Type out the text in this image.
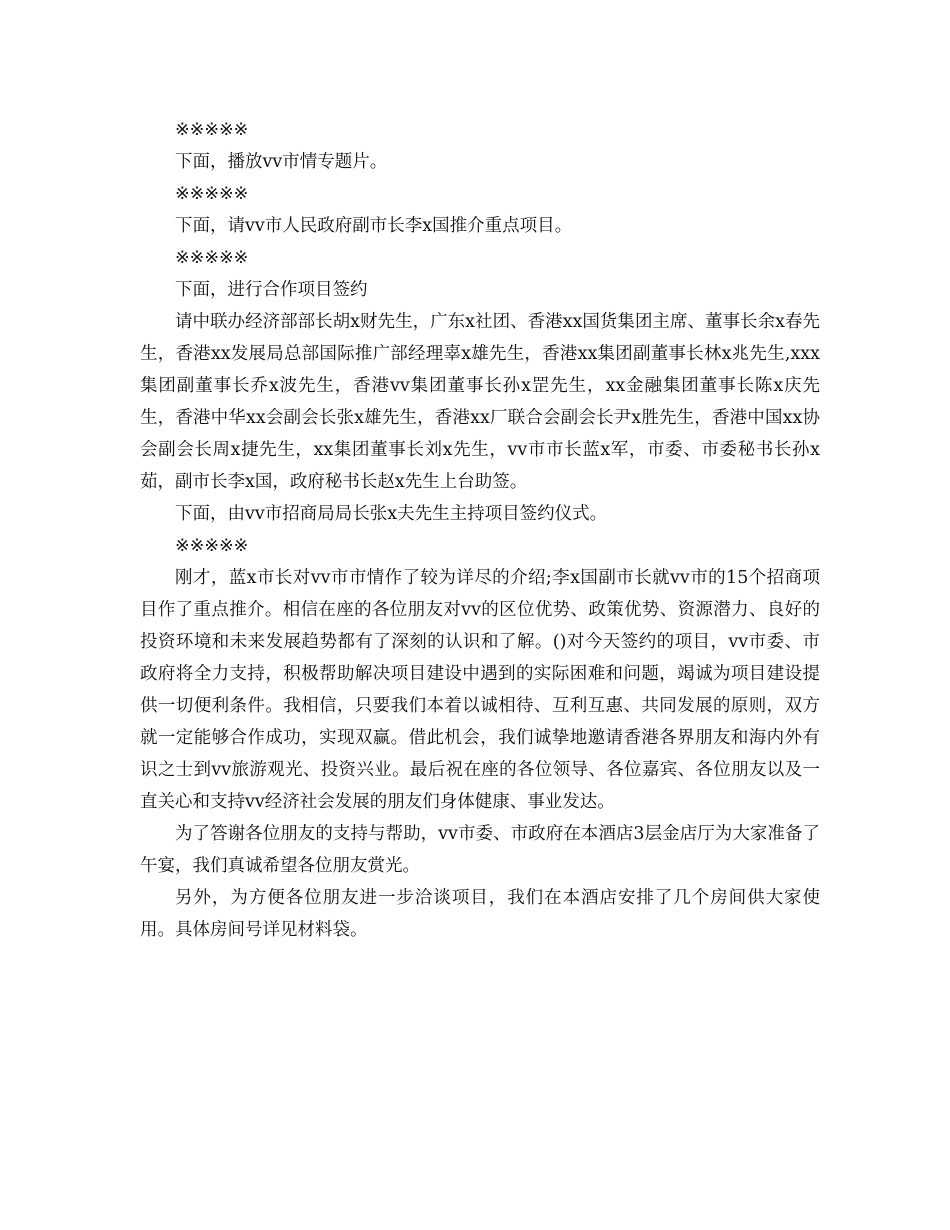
※※※※※

下面，播放vv市情专题片。

※※※※※

下面，请vv市人民政府副市长李x国推介重点项目。

※※※※※

下面，进行合作项目签约

请中联办经济部部长胡x财先生，广东x社团、香港xx国货集团主席、董事长余x春先生，香港xx发展局总部国际推广部经理辜x雄先生，香港xx集团副董事长林x兆先生,xxx集团副董事长乔x波先生，香港vv集团董事长孙x罡先生，xx金融集团董事长陈x庆先生，香港中华xx会副会长张x雄先生，香港xx厂联合会副会长尹x胜先生，香港中国xx协会副会长周x捷先生，xx集团董事长刘x先生，vv市市长蓝x军，市委、市委秘书长孙x茹，副市长李x国，政府秘书长赵x先生上台助签。

下面，由vv市招商局局长张x夫先生主持项目签约仪式。

※※※※※

刚才，蓝x市长对vv市市情作了较为详尽的介绍;李x国副市长就vv市的15个招商项目作了重点推介。相信在座的各位朋友对vv的区位优势、政策优势、资源潜力、良好的投资环境和未来发展趋势都有了深刻的认识和了解。()对今天签约的项目，vv市委、市政府将全力支持，积极帮助解决项目建设中遇到的实际困难和问题，竭诚为项目建设提供一切便利条件。我相信，只要我们本着以诚相待、互利互惠、共同发展的原则，双方就一定能够合作成功，实现双赢。借此机会，我们诚挚地邀请香港各界朋友和海内外有识之士到vv旅游观光、投资兴业。最后祝在座的各位领导、各位嘉宾、各位朋友以及一直关心和支持vv经济社会发展的朋友们身体健康、事业发达。

为了答谢各位朋友的支持与帮助，vv市委、市政府在本酒店3层金店厅为大家准备了午宴，我们真诚希望各位朋友赏光。

另外，为方便各位朋友进一步洽谈项目，我们在本酒店安排了几个房间供大家使用。具体房间号详见材料袋。
